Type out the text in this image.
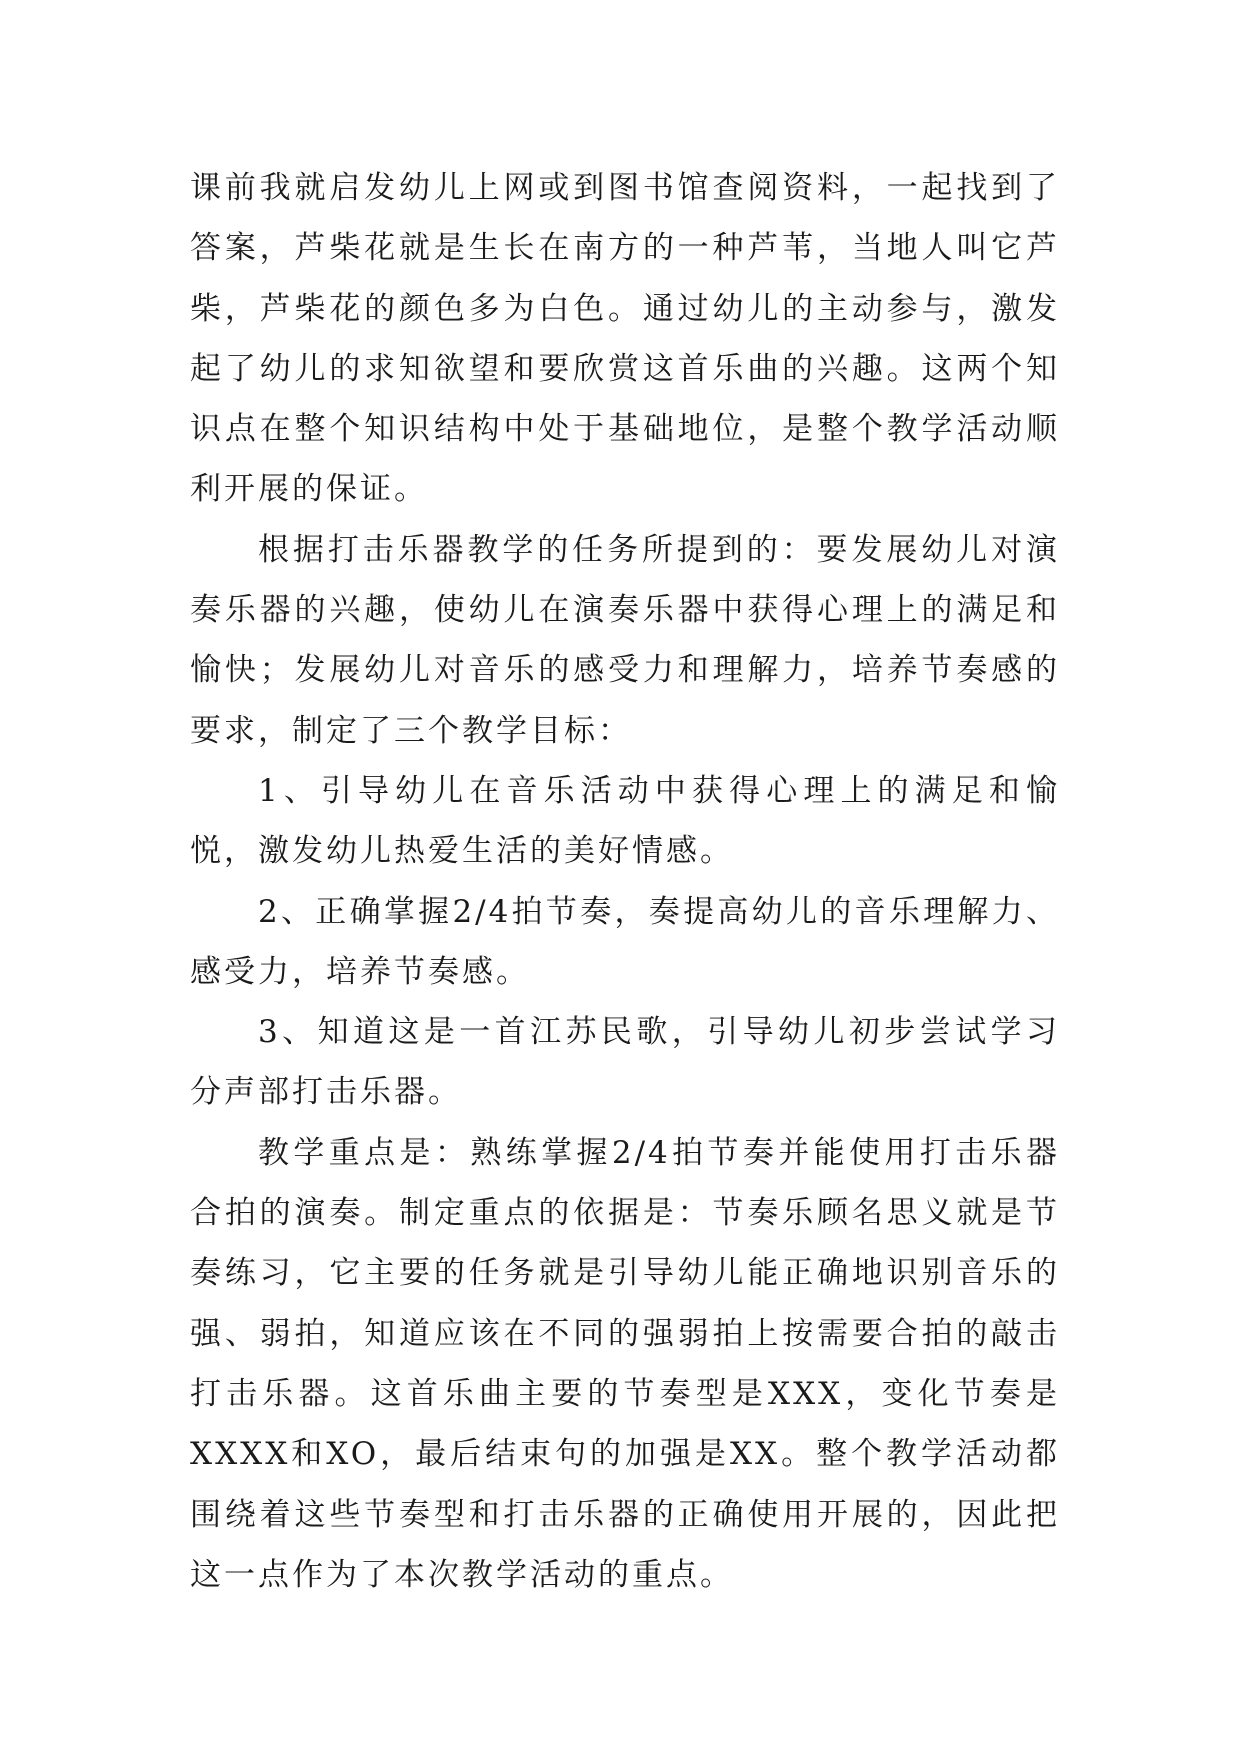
课前我就启发幼儿上网或到图书馆查阅资料，一起找到了答案，芦柴花就是生长在南方的一种芦苇，当地人叫它芦柴，芦柴花的颜色多为白色。通过幼儿的主动参与，激发起了幼儿的求知欲望和要欣赏这首乐曲的兴趣。这两个知识点在整个知识结构中处于基础地位，是整个教学活动顺利开展的保证。

根据打击乐器教学的任务所提到的：要发展幼儿对演奏乐器的兴趣，使幼儿在演奏乐器中获得心理上的满足和愉快；发展幼儿对音乐的感受力和理解力，培养节奏感的要求，制定了三个教学目标：

1、引导幼儿在音乐活动中获得心理上的满足和愉悦，激发幼儿热爱生活的美好情感。

2、正确掌握2/4拍节奏，奏提高幼儿的音乐理解力、感受力，培养节奏感。

3、知道这是一首江苏民歌，引导幼儿初步尝试学习分声部打击乐器。

教学重点是：熟练掌握2/4拍节奏并能使用打击乐器合拍的演奏。制定重点的依据是：节奏乐顾名思义就是节奏练习，它主要的任务就是引导幼儿能正确地识别音乐的强、弱拍，知道应该在不同的强弱拍上按需要合拍的敲击打击乐器。这首乐曲主要的节奏型是XXX，变化节奏是XXXX和XO，最后结束句的加强是XX。整个教学活动都围绕着这些节奏型和打击乐器的正确使用开展的，因此把这一点作为了本次教学活动的重点。
